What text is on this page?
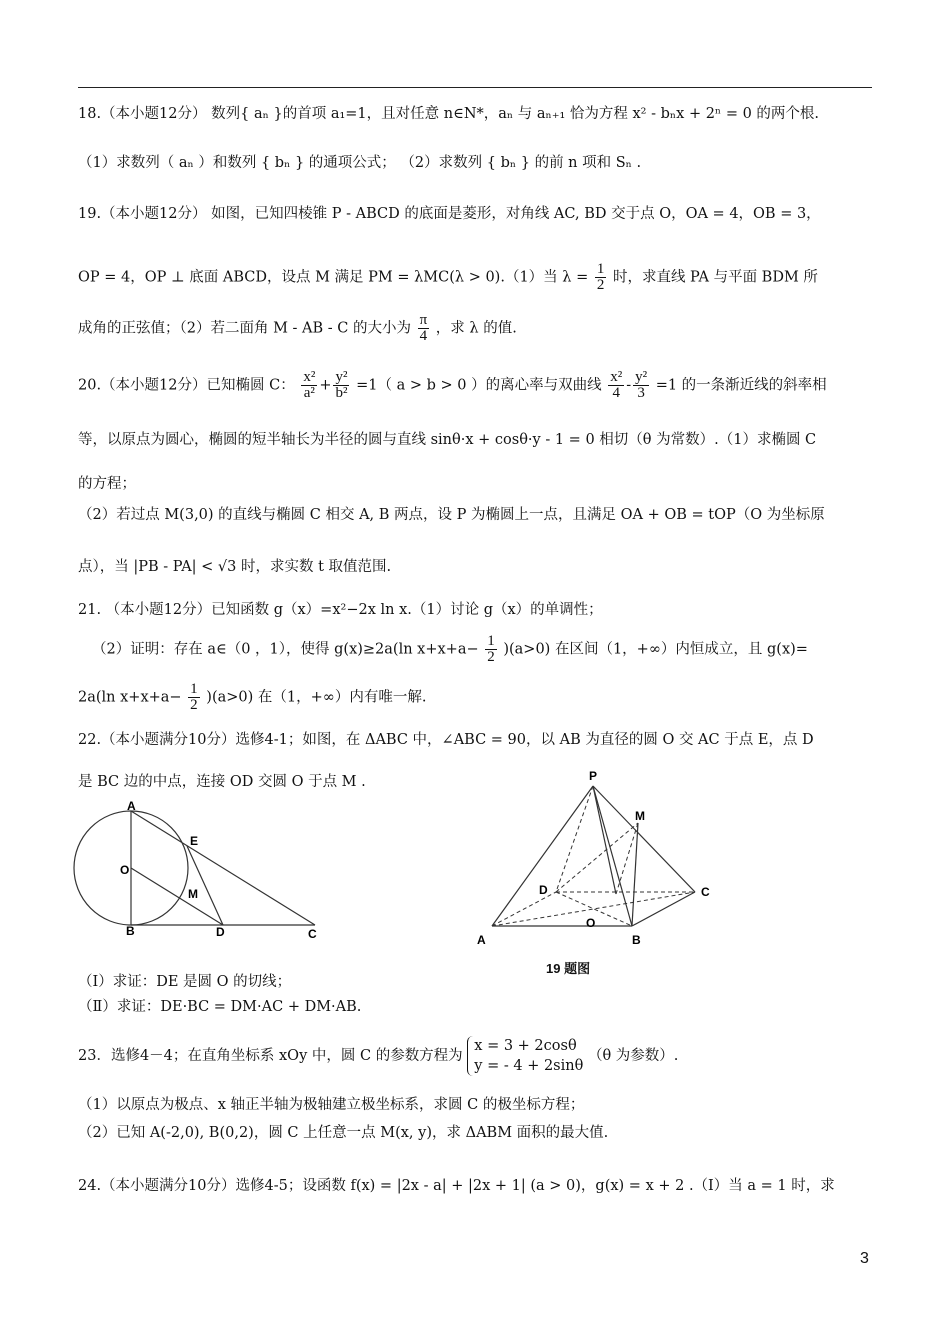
18.（本小题12分） 数列{ aₙ }的首项 a₁=1，且对任意 n∈N*，aₙ 与 aₙ₊₁ 恰为方程 x² - bₙx + 2ⁿ = 0 的两个根.
（1）求数列（ aₙ ）和数列 { bₙ } 的通项公式； （2）求数列 { bₙ } 的前 n 项和 Sₙ .
19.（本小题12分） 如图，已知四棱锥 P - ABCD 的底面是菱形，对角线 AC, BD 交于点 O，OA = 4，OB = 3，
OP = 4，OP ⊥ 底面 ABCD，设点 M 满足 PM = λMC(λ > 0).（1）当 $\lambda = \frac{1}{2}$ 时，求直线 PA 与平面 BDM 所
成角的正弦值；（2）若二面角 M - AB - C 的大小为 $\frac{\pi}{4}$ ，求 λ 的值.
20.（本小题12分）已知椭圆 C： $\frac{\text{x²}}{\text{a²}} + \frac{\text{y²}}{\text{b²}} =1$（ a > b > 0 ）的离心率与双曲线 $\frac{\text{x²}}{4} - \frac{\text{y²}}{3} =1$ 的一条渐近线的斜率相
等，以原点为圆心，椭圆的短半轴长为半径的圆与直线 sinθ·x + cosθ·y - 1 = 0 相切（θ 为常数）.（1）求椭圆 C
的方程；
（2）若过点 M(3,0) 的直线与椭圆 C 相交 A, B 两点，设 P 为椭圆上一点，且满足 OA + OB = tOP（O 为坐标原
点），当 |PB - PA| < √3 时，求实数 t 取值范围.
21. （本小题12分）已知函数 g（x）=x²−2x ln x.（1）讨论 g（x）的单调性；
（2）证明：存在 a∈（0 ，1），使得 g(x)≥2a(ln $x+x+a- \frac{1}{2} )(a>0)$ 在区间（1，+∞）内恒成立，且 g(x)=
2a(ln $x+x+a- \frac{1}{2} )(a>0)$ 在（1，+∞）内有唯一解.
22.（本小题满分10分）选修4-1；如图，在 ΔABC 中，∠ABC = 90，以 AB 为直径的圆 O 交 AC 于点 E，点 D
是 BC 边的中点，连接 OD 交圆 O 于点 M .
A
B	C
D
E
O
M
P
M
D	C
O
A	B
19 题图
（Ⅰ）求证：DE 是圆 O 的切线；
（Ⅱ）求证：DE·BC = DM·AC + DM·AB.
23．选修4－4；在直角坐标系 xOy 中，圆 C 的参数方程为
x = 3 + 2cosθ
y = - 4 + 2sinθ
（θ 为参数）.
（1）以原点为极点、x 轴正半轴为极轴建立极坐标系，求圆 C 的极坐标方程；
（2）已知 A(-2,0), B(0,2)，圆 C 上任意一点 M(x, y)，求 ΔABM 面积的最大值.
24.（本小题满分10分）选修4-5；设函数 f(x) = |2x - a| + |2x + 1| (a > 0)，g(x) = x + 2 .（Ⅰ）当 a = 1 时，求
3
